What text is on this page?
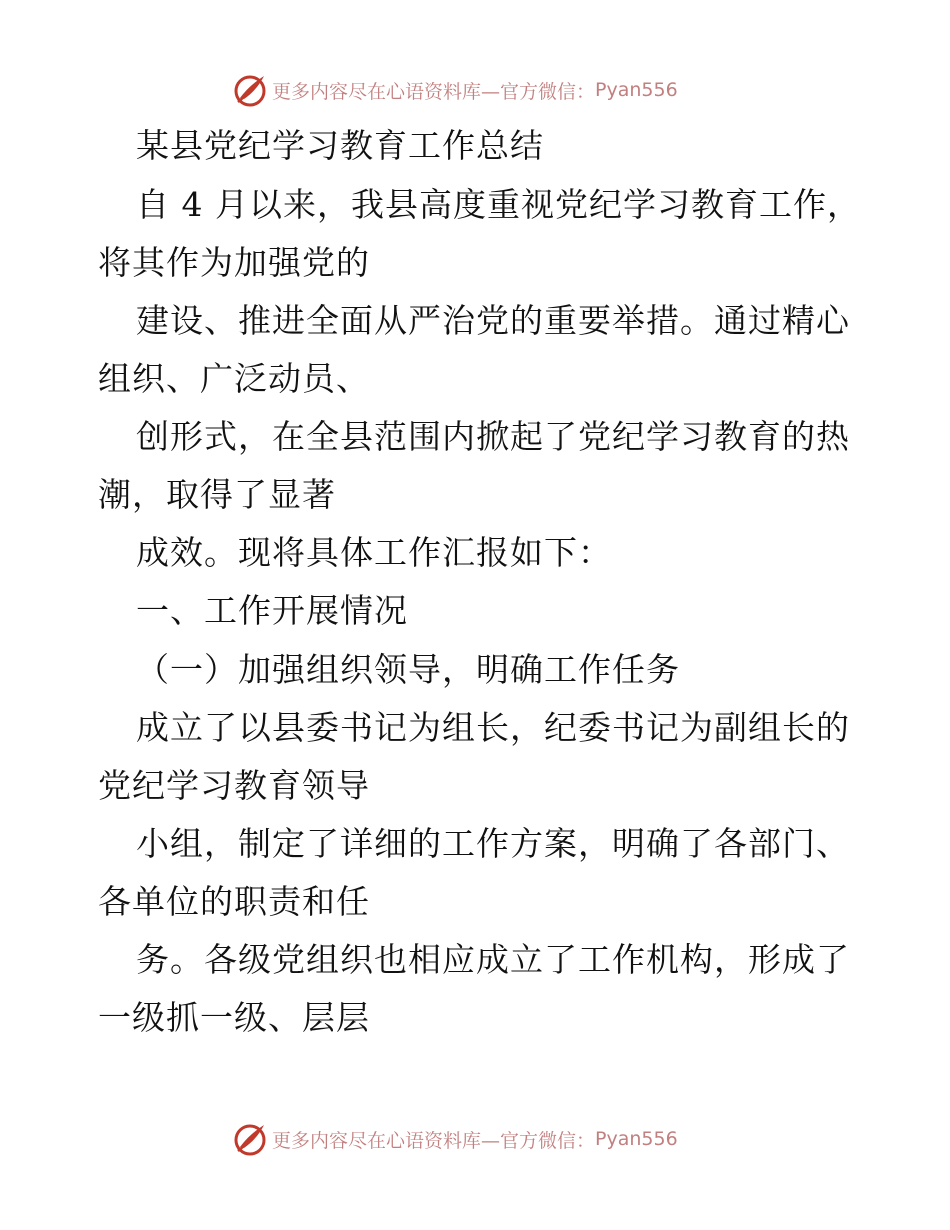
更多内容尽在心语资料库—官方微信： Pyan556
某县党纪学习教育工作总结
自 4 月以来，我县高度重视党纪学习教育工作，
将其作为加强党的
建设、推进全面从严治党的重要举措。通过精心
组织、广泛动员、
创形式，在全县范围内掀起了党纪学习教育的热
潮，取得了显著
成效。现将具体工作汇报如下：
一、工作开展情况
（一）加强组织领导，明确工作任务
成立了以县委书记为组长，纪委书记为副组长的
党纪学习教育领导
小组，制定了详细的工作方案，明确了各部门、
各单位的职责和任
务。各级党组织也相应成立了工作机构，形成了
一级抓一级、层层
更多内容尽在心语资料库—官方微信： Pyan556
